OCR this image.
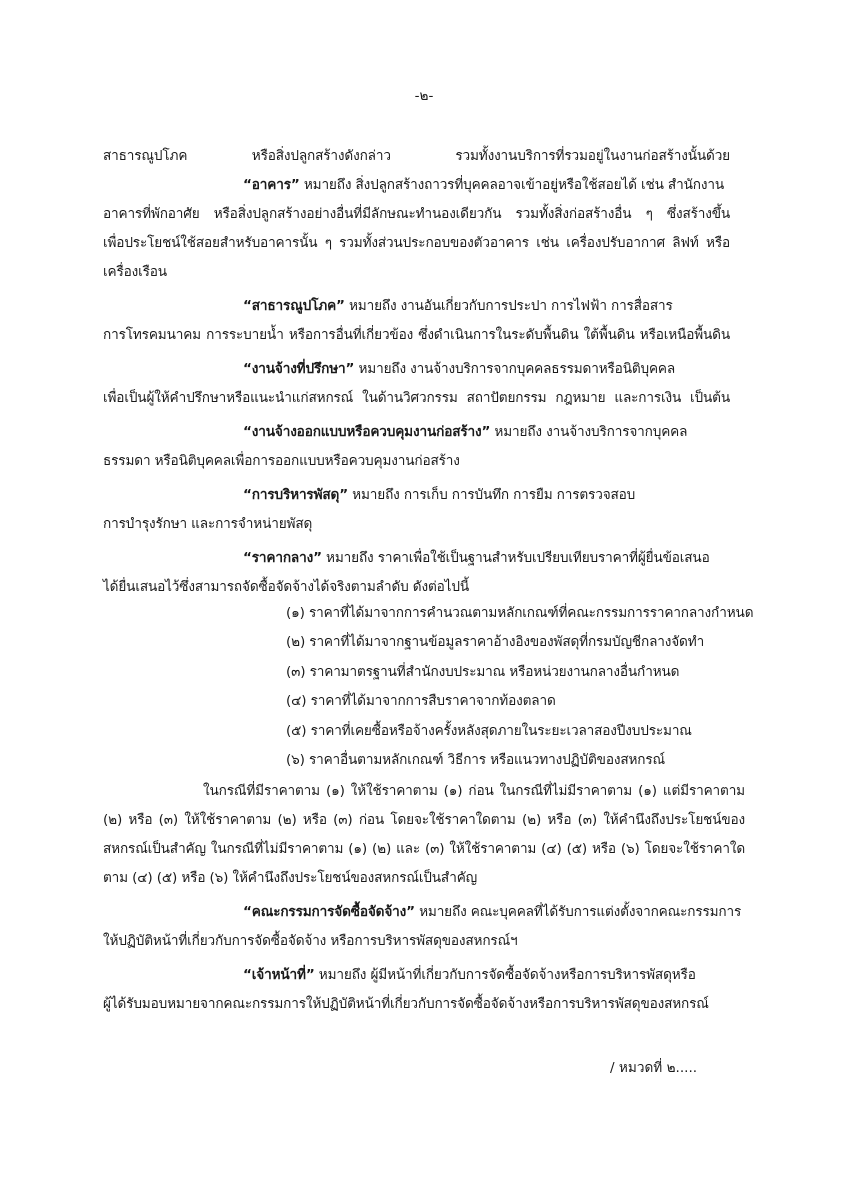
-๒-

สาธารณูปโภค หรือสิ่งปลูกสร้างดังกล่าว รวมทั้งงานบริการที่รวมอยู่ในงานก่อสร้างนั้นด้วย

“อาคาร” หมายถึง สิ่งปลูกสร้างถาวรที่บุคคลอาจเข้าอยู่หรือใช้สอยได้ เช่น สำนักงาน

อาคารที่พักอาศัย หรือสิ่งปลูกสร้างอย่างอื่นที่มีลักษณะทำนองเดียวกัน รวมทั้งสิ่งก่อสร้างอื่น ๆ ซึ่งสร้างขึ้น

เพื่อประโยชน์ใช้สอยสำหรับอาคารนั้น ๆ รวมทั้งส่วนประกอบของตัวอาคาร เช่น เครื่องปรับอากาศ ลิฟท์ หรือ

เครื่องเรือน

“สาธารณูปโภค” หมายถึง งานอันเกี่ยวกับการประปา การไฟฟ้า การสื่อสาร

การโทรคมนาคม การระบายน้ำ หรือการอื่นที่เกี่ยวข้อง ซึ่งดำเนินการในระดับพื้นดิน ใต้พื้นดิน หรือเหนือพื้นดิน

“งานจ้างที่ปรึกษา” หมายถึง งานจ้างบริการจากบุคคลธรรมดาหรือนิติบุคคล

เพื่อเป็นผู้ให้คำปรึกษาหรือแนะนำแก่สหกรณ์ ในด้านวิศวกรรม สถาปัตยกรรม กฎหมาย และการเงิน เป็นต้น

“งานจ้างออกแบบหรือควบคุมงานก่อสร้าง” หมายถึง งานจ้างบริการจากบุคคล

ธรรมดา หรือนิติบุคคลเพื่อการออกแบบหรือควบคุมงานก่อสร้าง

“การบริหารพัสดุ” หมายถึง การเก็บ การบันทึก การยืม การตรวจสอบ

การบำรุงรักษา และการจำหน่ายพัสดุ

“ราคากลาง” หมายถึง ราคาเพื่อใช้เป็นฐานสำหรับเปรียบเทียบราคาที่ผู้ยื่นข้อเสนอ

ได้ยื่นเสนอไว้ซึ่งสามารถจัดซื้อจัดจ้างได้จริงตามลำดับ ดังต่อไปนี้

(๑) ราคาที่ได้มาจากการคำนวณตามหลักเกณฑ์ที่คณะกรรมการราคากลางกำหนด

(๒) ราคาที่ได้มาจากฐานข้อมูลราคาอ้างอิงของพัสดุที่กรมบัญชีกลางจัดทำ

(๓) ราคามาตรฐานที่สำนักงบประมาณ หรือหน่วยงานกลางอื่นกำหนด

(๔) ราคาที่ได้มาจากการสืบราคาจากท้องตลาด

(๕) ราคาที่เคยซื้อหรือจ้างครั้งหลังสุดภายในระยะเวลาสองปีงบประมาณ

(๖) ราคาอื่นตามหลักเกณฑ์ วิธีการ หรือแนวทางปฏิบัติของสหกรณ์

ในกรณีที่มีราคาตาม (๑) ให้ใช้ราคาตาม (๑) ก่อน ในกรณีที่ไม่มีราคาตาม (๑) แต่มีราคาตาม

(๒) หรือ (๓) ให้ใช้ราคาตาม (๒) หรือ (๓) ก่อน โดยจะใช้ราคาใดตาม (๒) หรือ (๓) ให้คำนึงถึงประโยชน์ของ

สหกรณ์เป็นสำคัญ ในกรณีที่ไม่มีราคาตาม (๑) (๒) และ (๓) ให้ใช้ราคาตาม (๔) (๕) หรือ (๖) โดยจะใช้ราคาใด

ตาม (๔) (๕) หรือ (๖) ให้คำนึงถึงประโยชน์ของสหกรณ์เป็นสำคัญ

“คณะกรรมการจัดซื้อจัดจ้าง” หมายถึง คณะบุคคลที่ได้รับการแต่งตั้งจากคณะกรรมการ

ให้ปฏิบัติหน้าที่เกี่ยวกับการจัดซื้อจัดจ้าง หรือการบริหารพัสดุของสหกรณ์ฯ

“เจ้าหน้าที่” หมายถึง ผู้มีหน้าที่เกี่ยวกับการจัดซื้อจัดจ้างหรือการบริหารพัสดุหรือ

ผู้ได้รับมอบหมายจากคณะกรรมการให้ปฏิบัติหน้าที่เกี่ยวกับการจัดซื้อจัดจ้างหรือการบริหารพัสดุของสหกรณ์

/ หมวดที่ ๒.....
